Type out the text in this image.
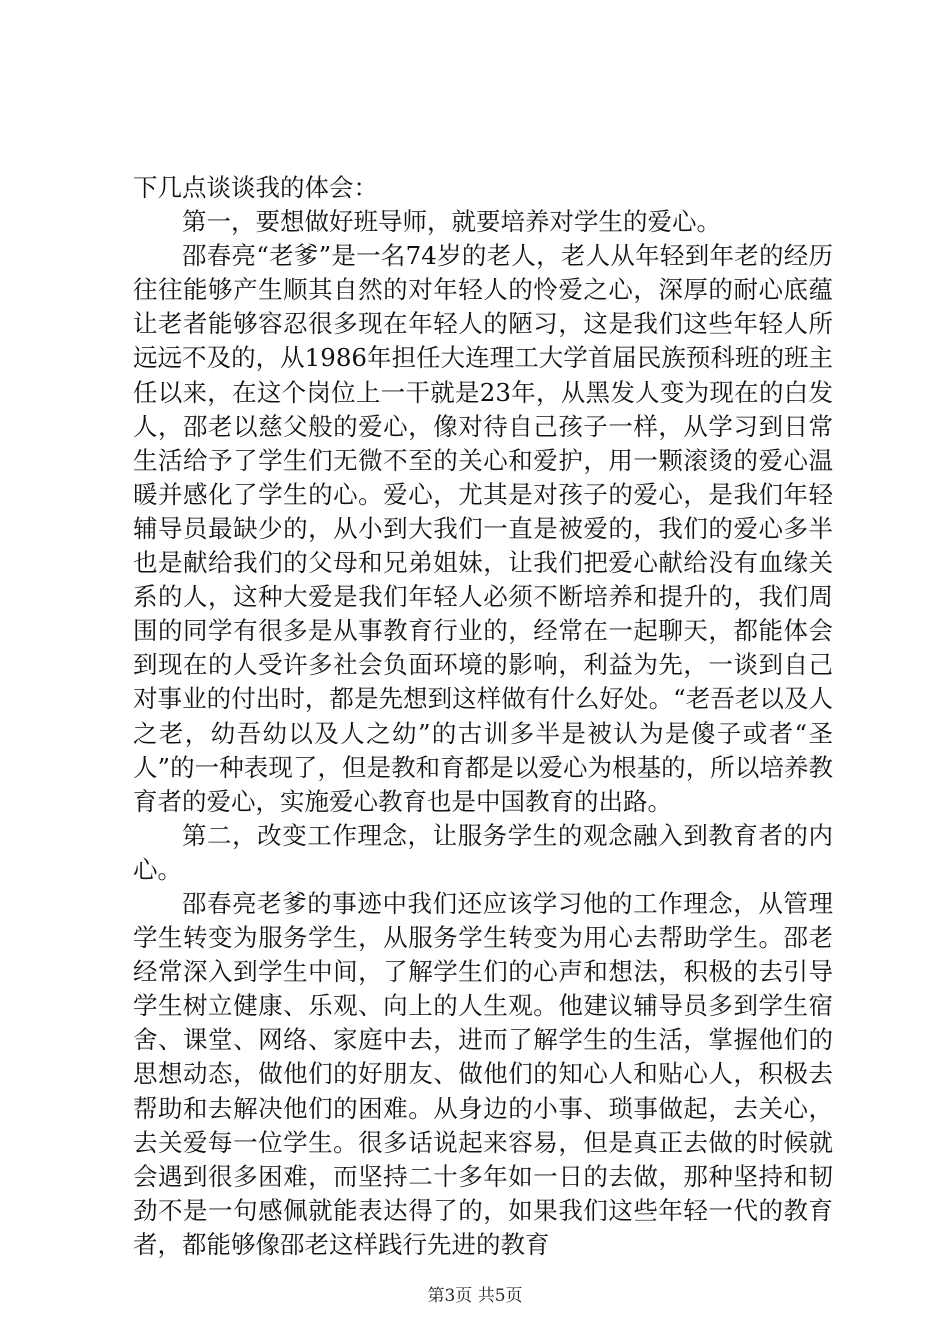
下几点谈谈我的体会：

第一，要想做好班导师，就要培养对学生的爱心。

邵春亮“老爹”是一名74岁的老人，老人从年轻到年老的经历往往能够产生顺其自然的对年轻人的怜爱之心，深厚的耐心底蕴让老者能够容忍很多现在年轻人的陋习，这是我们这些年轻人所远远不及的，从1986年担任大连理工大学首届民族预科班的班主任以来，在这个岗位上一干就是23年，从黑发人变为现在的白发人，邵老以慈父般的爱心，像对待自己孩子一样，从学习到日常生活给予了学生们无微不至的关心和爱护，用一颗滚烫的爱心温暖并感化了学生的心。爱心，尤其是对孩子的爱心，是我们年轻辅导员最缺少的，从小到大我们一直是被爱的，我们的爱心多半也是献给我们的父母和兄弟姐妹，让我们把爱心献给没有血缘关系的人，这种大爱是我们年轻人必须不断培养和提升的，我们周围的同学有很多是从事教育行业的，经常在一起聊天，都能体会到现在的人受许多社会负面环境的影响，利益为先，一谈到自己对事业的付出时，都是先想到这样做有什么好处。“老吾老以及人之老，幼吾幼以及人之幼”的古训多半是被认为是傻子或者“圣人”的一种表现了，但是教和育都是以爱心为根基的，所以培养教育者的爱心，实施爱心教育也是中国教育的出路。

第二，改变工作理念，让服务学生的观念融入到教育者的内心。

邵春亮老爹的事迹中我们还应该学习他的工作理念，从管理学生转变为服务学生，从服务学生转变为用心去帮助学生。邵老经常深入到学生中间，了解学生们的心声和想法，积极的去引导学生树立健康、乐观、向上的人生观。他建议辅导员多到学生宿舍、课堂、网络、家庭中去，进而了解学生的生活，掌握他们的思想动态，做他们的好朋友、做他们的知心人和贴心人，积极去帮助和去解决他们的困难。从身边的小事、琐事做起，去关心，去关爱每一位学生。很多话说起来容易，但是真正去做的时候就会遇到很多困难，而坚持二十多年如一日的去做，那种坚持和韧劲不是一句感佩就能表达得了的，如果我们这些年轻一代的教育者，都能够像邵老这样践行先进的教育

第3页 共5页
